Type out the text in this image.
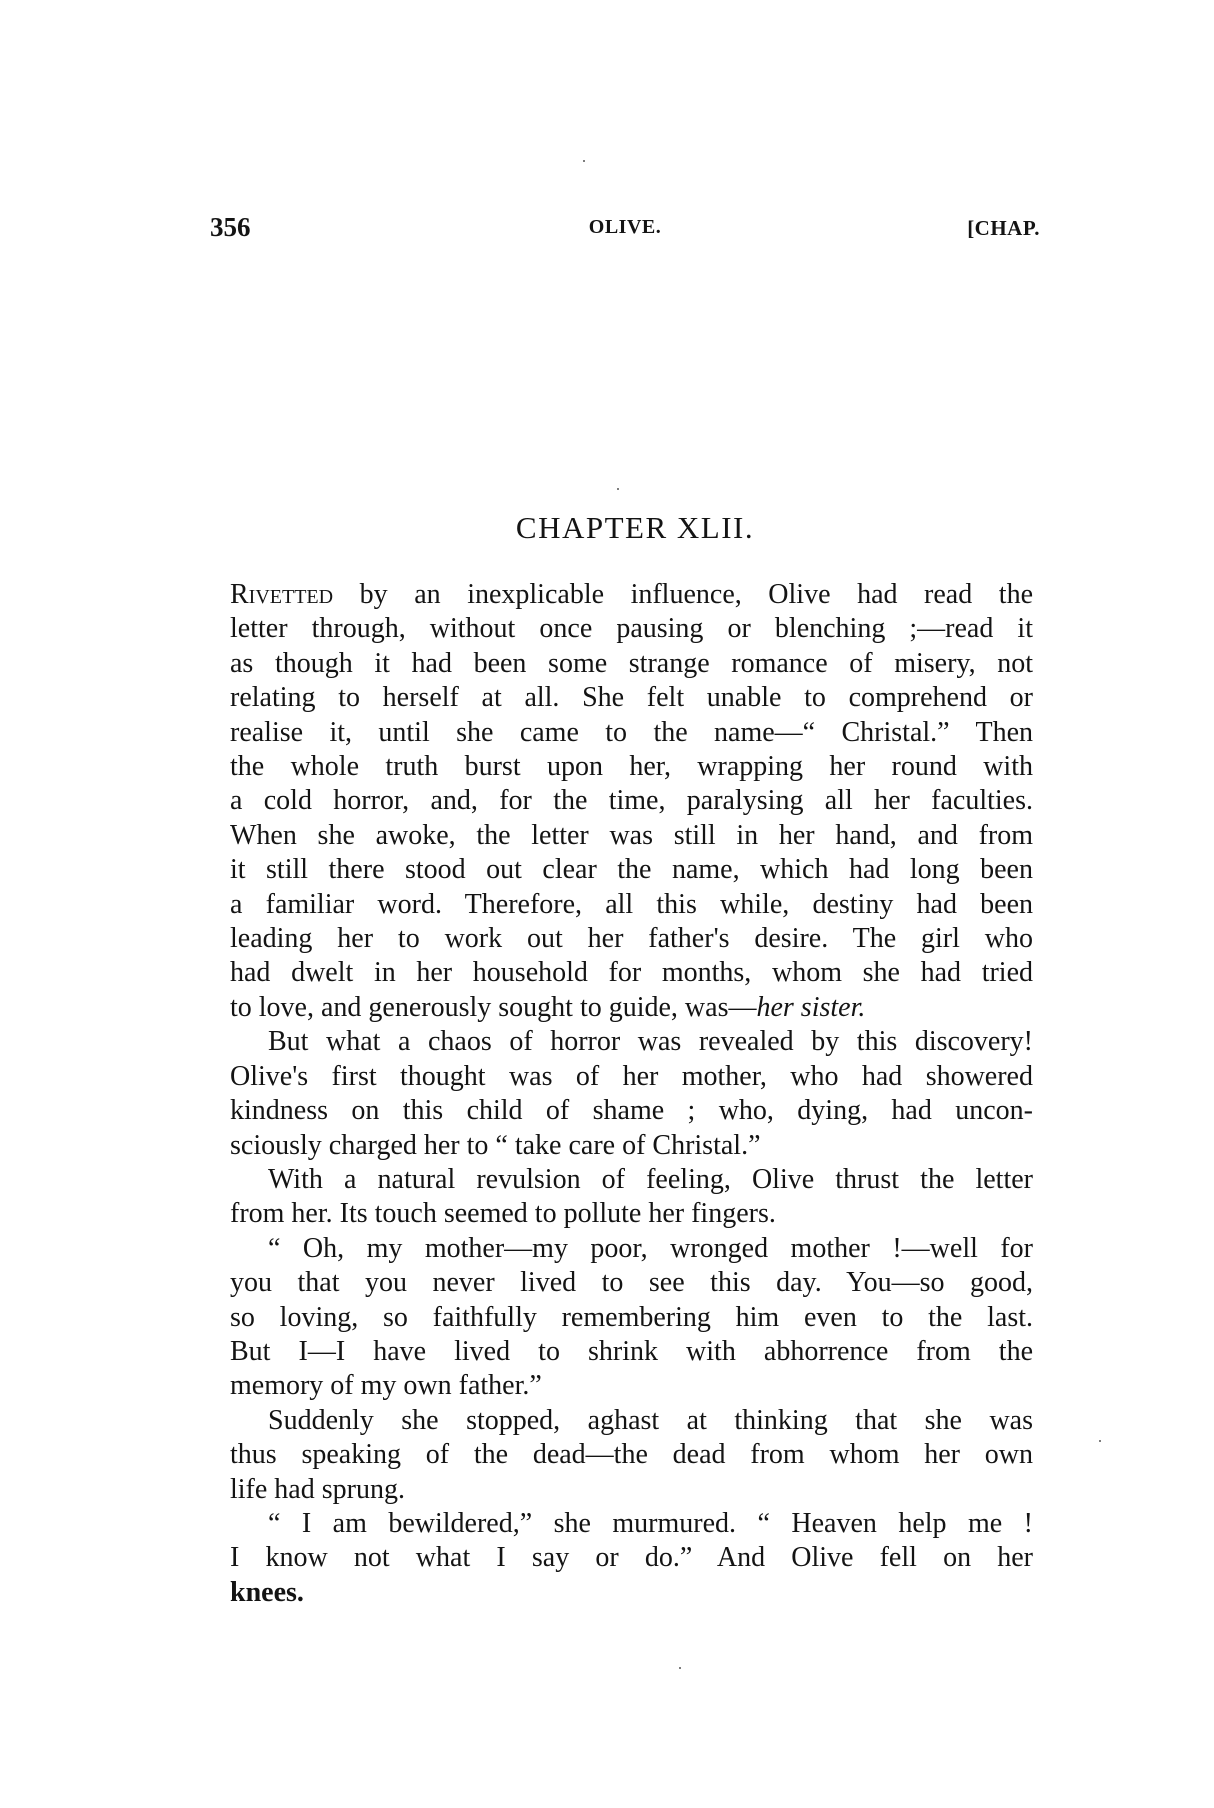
356	OLIVE.	[CHAP.
CHAPTER XLII.

Rivetted by an inexplicable influence, Olive had read the
letter through, without once pausing or blenching ;—read it
as though it had been some strange romance of misery, not
relating to herself at all. She felt unable to comprehend or
realise it, until she came to the name—“ Christal.” Then
the whole truth burst upon her, wrapping her round with
a cold horror, and, for the time, paralysing all her faculties.
When she awoke, the letter was still in her hand, and from
it still there stood out clear the name, which had long been
a familiar word. Therefore, all this while, destiny had been
leading her to work out her father's desire. The girl who
had dwelt in her household for months, whom she had tried
to love, and generously sought to guide, was—her sister.

But what a chaos of horror was revealed by this discovery!
Olive's first thought was of her mother, who had showered
kindness on this child of shame ; who, dying, had uncon-
sciously charged her to “ take care of Christal.”

With a natural revulsion of feeling, Olive thrust the letter
from her. Its touch seemed to pollute her fingers.

“ Oh, my mother—my poor, wronged mother !—well for
you that you never lived to see this day. You—so good,
so loving, so faithfully remembering him even to the last.
But I—I have lived to shrink with abhorrence from the
memory of my own father.”

Suddenly she stopped, aghast at thinking that she was
thus speaking of the dead—the dead from whom her own
life had sprung.

“ I am bewildered,” she murmured. “ Heaven help me !
I know not what I say or do.” And Olive fell on her
knees.
